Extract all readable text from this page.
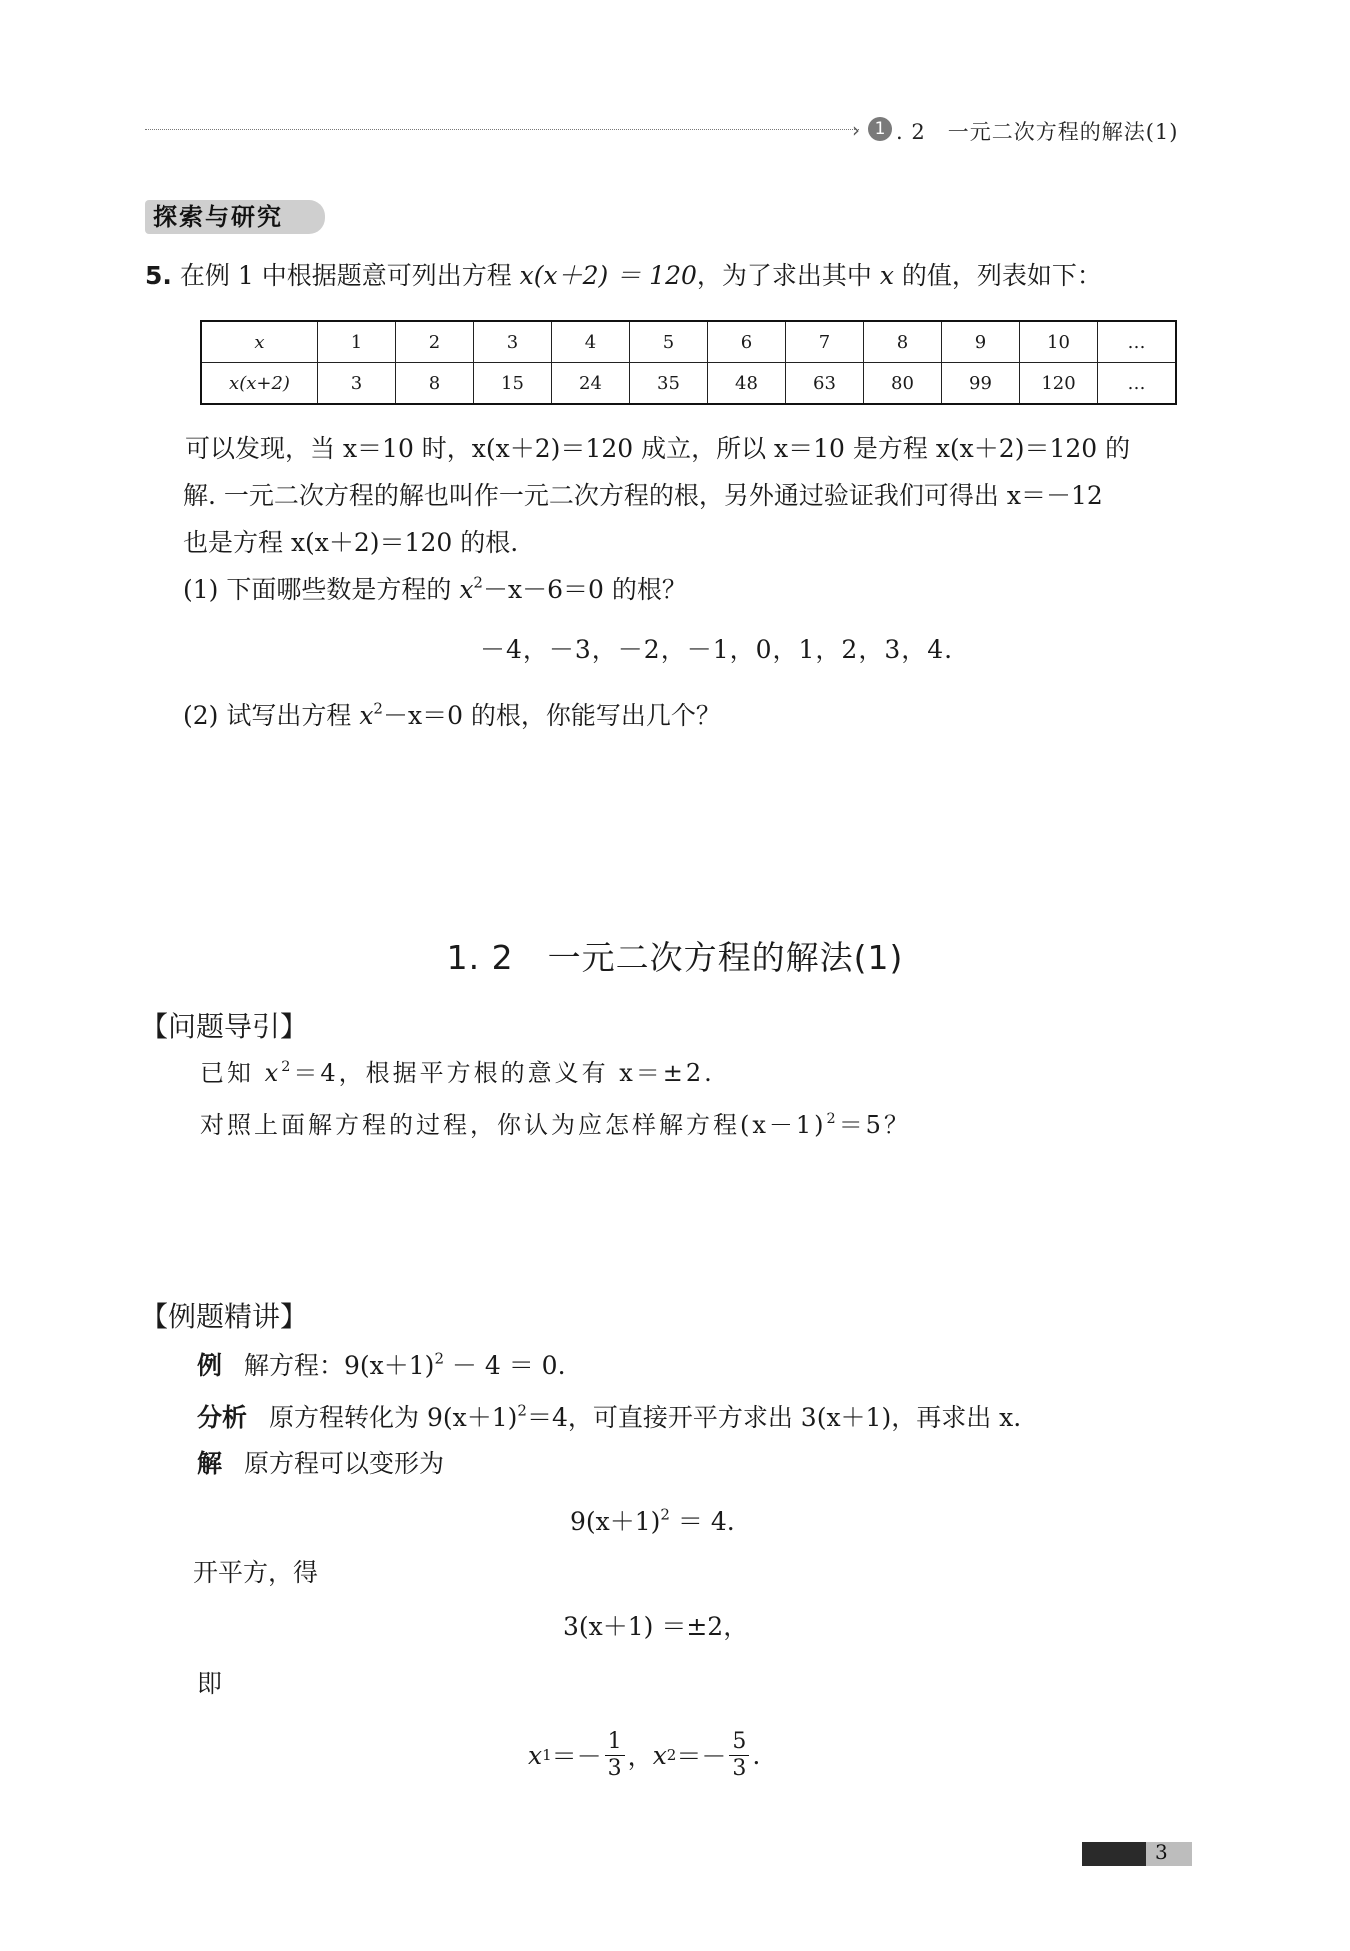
› 1 . 2　一元二次方程的解法(1)
探索与研究
5. 在例 1 中根据题意可列出方程 x(x＋2) ＝ 120，为了求出其中 x 的值，列表如下：
x	1	2	3	4	5	6	7	8	9	10	…
x(x+2)	3	8	15	24	35	48	63	80	99	120	…
可以发现，当 x＝10 时，x(x＋2)＝120 成立，所以 x＝10 是方程 x(x＋2)＝120 的
解. 一元二次方程的解也叫作一元二次方程的根，另外通过验证我们可得出 x＝－12
也是方程 x(x＋2)＝120 的根.
(1) 下面哪些数是方程的 $x^2-x-6=0$ 的根？
－4，－3，－2，－1，0，1，2，3，4.
(2) 试写出方程 $x^2-x=0$ 的根，你能写出几个？
1. 2　一元二次方程的解法(1)
【问题导引】
已知 $x^2=4$，根据平方根的意义有 x＝±2.
对照上面解方程的过程，你认为应怎样解方程$(x-1)^2=5$？
【例题精讲】
例 解方程：$9(x+1)^2 - 4 = 0$.
分析 原方程转化为 $9(x+1)^2=4$，可直接开平方求出 3(x＋1)，再求出 x.
解 原方程可以变形为
$9(x+1)^2 = 4$.
开平方，得
3(x＋1) ＝±2，
即
x $1 =- \frac{1}{3}$ ， x $2 =- \frac{5}{3}$ .
3
